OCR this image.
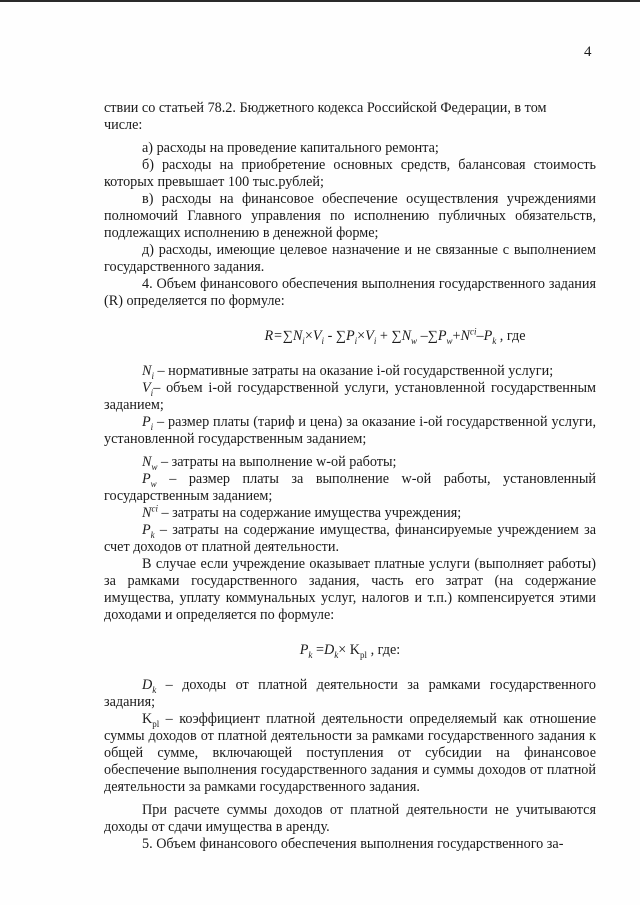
4

ствии со статьей 78.2. Бюджетного кодекса Российской Федерации, в том

числе:

а) расходы на проведение капитального ремонта;

б) расходы на приобретение основных средств, балансовая стоимость которых превышает 100 тыс.рублей;

в) расходы на финансовое обеспечение осуществления учреждениями полномочий Главного управления по исполнению публичных обязательств, подлежащих исполнению в денежной форме;

д) расходы, имеющие целевое назначение и не связанные с выполнением государственного задания.

4. Объем финансового обеспечения выполнения государственного задания (R) определяется по формуле:

$R=\sum N_i\times V_i - \sum P_i\times V_i + \sum N_w$ $-\sum P_w+N^{ci}-P_k$ , где

$N_i$ – нормативные затраты на оказание i-ой государственной услуги;

$V_i-$ объем i-ой государственной услуги, установленной государственным заданием;

$P_i$ – размер платы (тариф и цена) за оказание i-ой государственной услуги, установленной государственным заданием;

$N_w$ – затраты на выполнение w-ой работы;

$P_w$ – размер платы за выполнение w-ой работы, установленный государственным заданием;

$N^{ci}$ – затраты на содержание имущества учреждения;

$P_k$ – затраты на содержание имущества, финансируемые учреждением за счет доходов от платной деятельности.

В случае если учреждение оказывает платные услуги (выполняет работы) за рамками государственного задания, часть его затрат (на содержание имущества, уплату коммунальных услуг, налогов и т.п.) компенсируется этими доходами и определяется по формуле:

$P_k =D_k\times K_{pl}$ , где:

$D_k$ – доходы от платной деятельности за рамками государственного задания;

$K_{pl}$ – коэффициент платной деятельности определяемый как отношение суммы доходов от платной деятельности за рамками государственного задания к общей сумме, включающей поступления от субсидии на финансовое обеспечение выполнения государственного задания и суммы доходов от платной деятельности за рамками государственного задания.

При расчете суммы доходов от платной деятельности не учитываются доходы от сдачи имущества в аренду.

5. Объем финансового обеспечения выполнения государственного за-
